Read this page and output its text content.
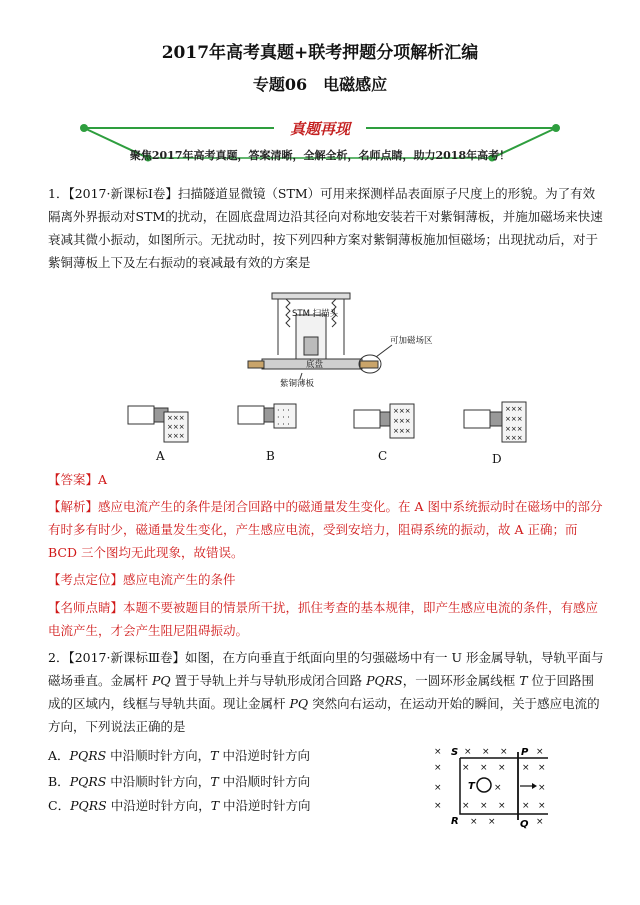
2017年高考真题+联考押题分项解析汇编
专题06　电磁感应
真题再现
聚焦2017年高考真题，答案清晰，全解全析，名师点睛，助力2018年高考！
1．【2017·新课标Ⅰ卷】扫描隧道显微镜（STM）可用来探测样品表面原子尺度上的形貌。为了有效隔离外界振动对STM的扰动，在圆底盘周边沿其径向对称地安装若干对紫铜薄板，并施加磁场来快速衰减其微小振动，如图所示。无扰动时，按下列四种方案对紫铜薄板施加恒磁场；出现扰动后，对于紫铜薄板上下及左右振动的衰减最有效的方案是
STM 扫描头
可加磁场区
底盘
紫铜薄板
×××
×××
×××
· · ·
· · ·
· · ·
×××
×××
×××
×××
×××
×××
×××
A	B	C	D
【答案】A
【解析】感应电流产生的条件是闭合回路中的磁通量发生变化。在 A 图中系统振动时在磁场中的部分有时多有时少，磁通量发生变化，产生感应电流，受到安培力，阻碍系统的振动，故 A 正确；而 BCD 三个图均无此现象，故错误。
【考点定位】感应电流产生的条件
【名师点睛】本题不要被题目的情景所干扰，抓住考查的基本规律，即产生感应电流的条件，有感应电流产生，才会产生阻尼阻碍振动。
2．【2017·新课标Ⅲ卷】如图，在方向垂直于纸面向里的匀强磁场中有一 U 形金属导轨，导轨平面与磁场垂直。金属杆 PQ 置于导轨上并与导轨形成闭合回路 PQRS，一圆环形金属线框 T 位于回路围成的区域内，线框与导轨共面。现让金属杆 PQ 突然向右运动，在运动开始的瞬间，关于感应电流的方向，下列说法正确的是
A．PQRS 中沿顺时针方向，T 中沿逆时针方向
B．PQRS 中沿顺时针方向，T 中沿顺时针方向
C．PQRS 中沿逆时针方向，T 中沿逆时针方向
× × × ×	×
× × × × × ×
×	×	×
× × × × × ×
× ×	×
S	P
R	Q
T
